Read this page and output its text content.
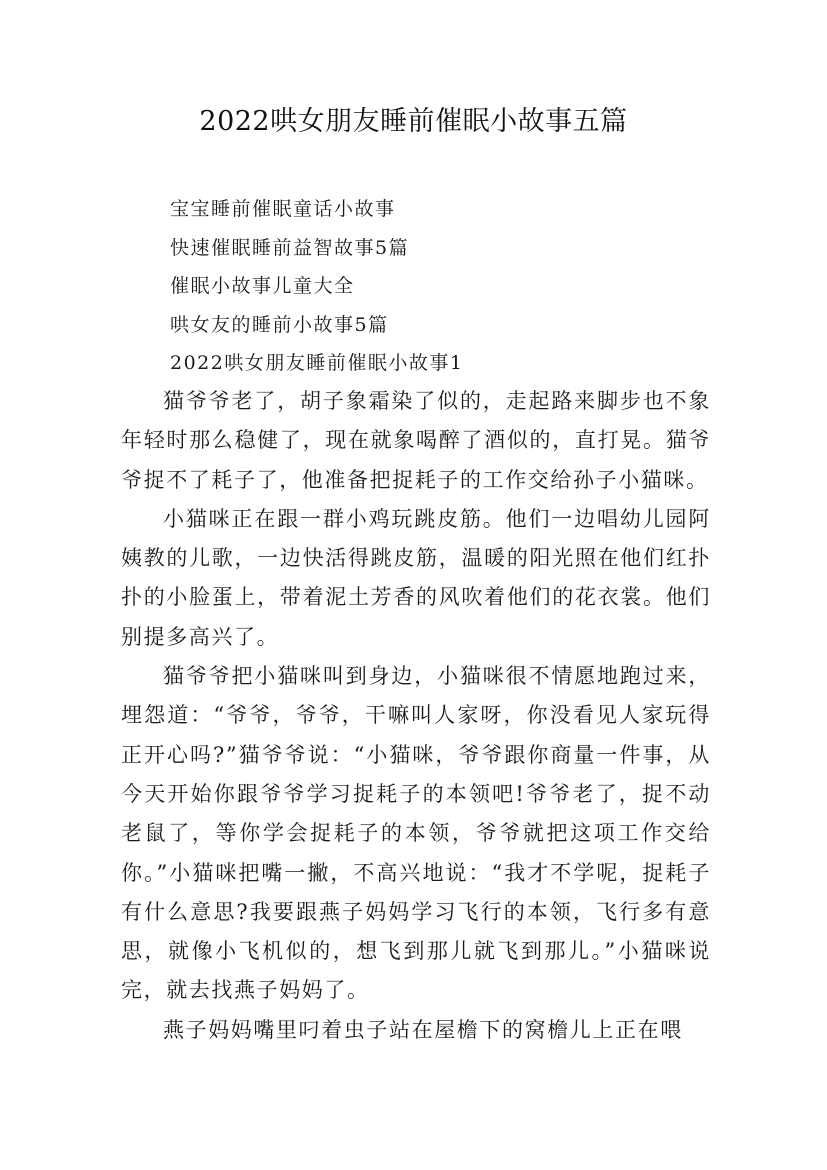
2022哄女朋友睡前催眠小故事五篇
宝宝睡前催眠童话小故事
快速催眠睡前益智故事5篇
催眠小故事儿童大全
哄女友的睡前小故事5篇
2022哄女朋友睡前催眠小故事1

猫爷爷老了，胡子象霜染了似的，走起路来脚步也不象年轻时那么稳健了，现在就象喝醉了酒似的，直打晃。猫爷爷捉不了耗子了，他准备把捉耗子的工作交给孙子小猫咪。

小猫咪正在跟一群小鸡玩跳皮筋。他们一边唱幼儿园阿姨教的儿歌，一边快活得跳皮筋，温暖的阳光照在他们红扑扑的小脸蛋上，带着泥土芳香的风吹着他们的花衣裳。他们别提多高兴了。

猫爷爷把小猫咪叫到身边，小猫咪很不情愿地跑过来，埋怨道：“爷爷，爷爷，干嘛叫人家呀，你没看见人家玩得正开心吗?”猫爷爷说：“小猫咪，爷爷跟你商量一件事，从今天开始你跟爷爷学习捉耗子的本领吧!爷爷老了，捉不动老鼠了，等你学会捉耗子的本领，爷爷就把这项工作交给你。”小猫咪把嘴一撇，不高兴地说：“我才不学呢，捉耗子有什么意思?我要跟燕子妈妈学习飞行的本领，飞行多有意思，就像小飞机似的，想飞到那儿就飞到那儿。”小猫咪说完，就去找燕子妈妈了。

燕子妈妈嘴里叼着虫子站在屋檐下的窝檐儿上正在喂
